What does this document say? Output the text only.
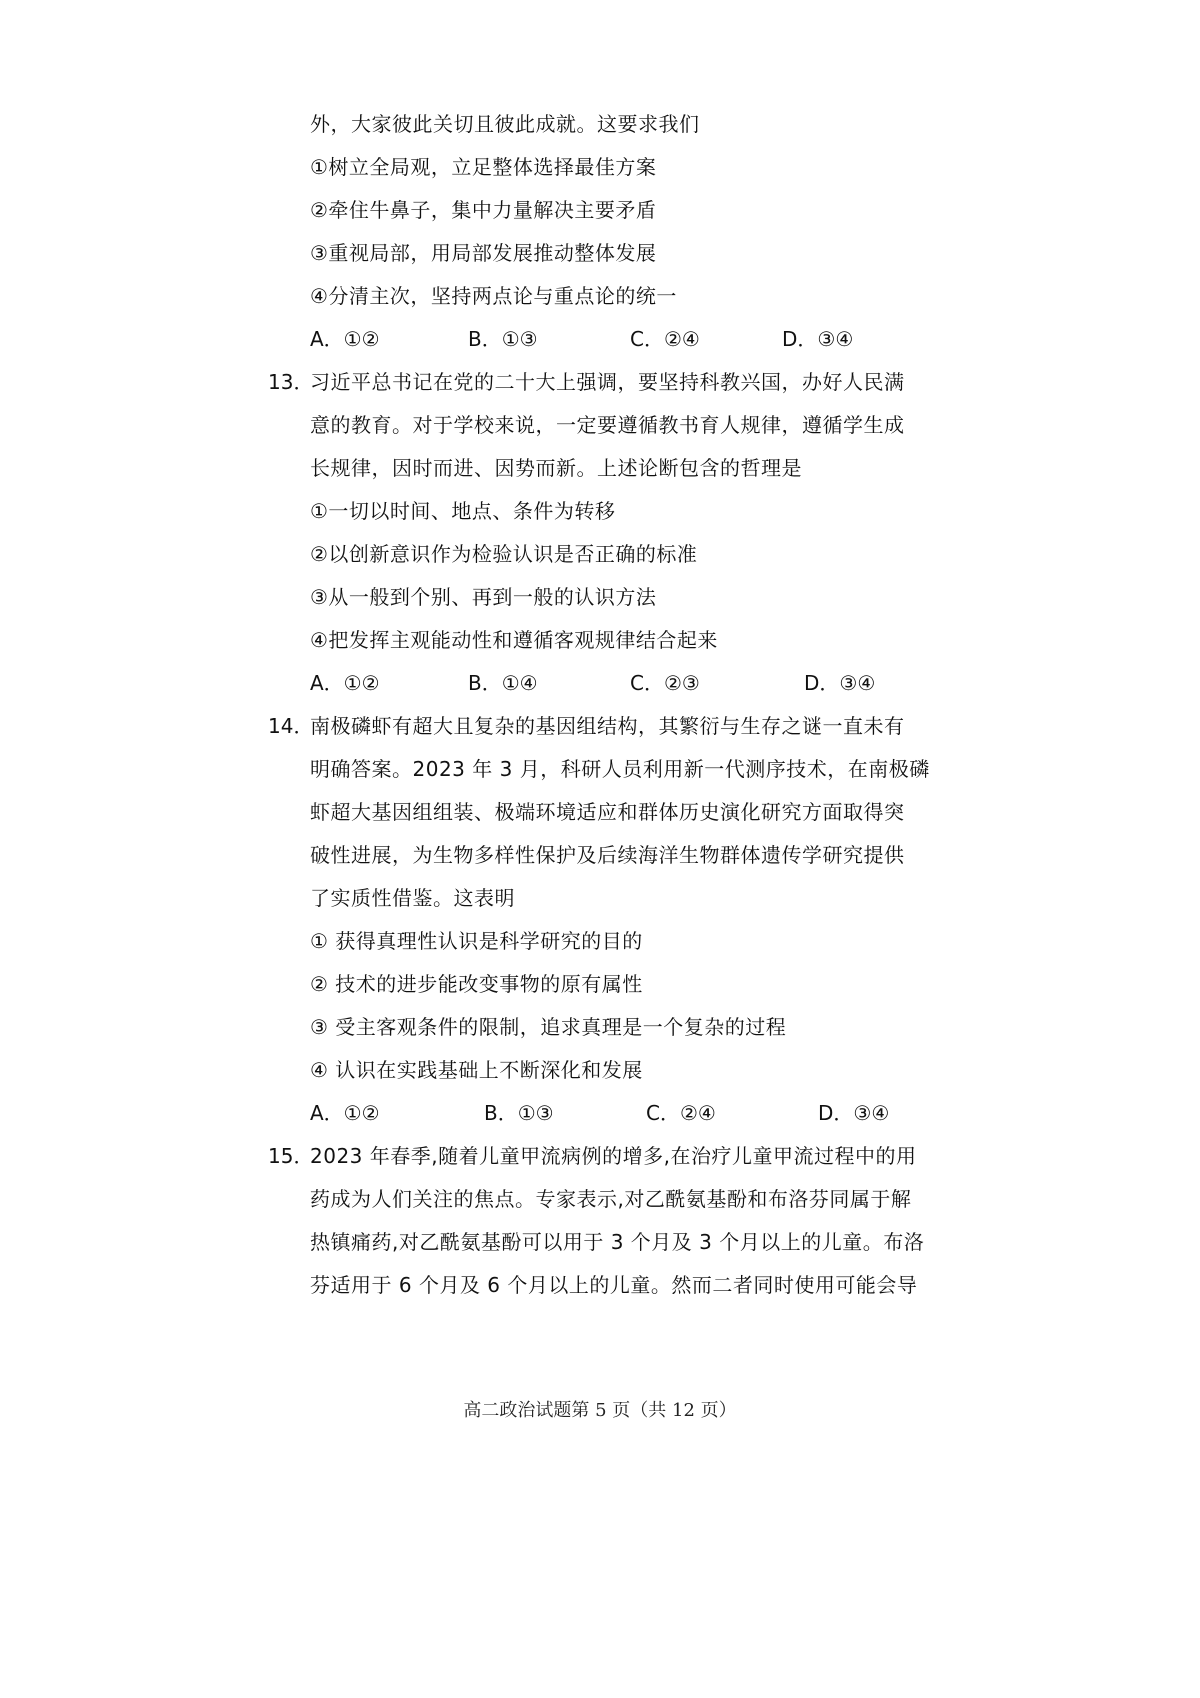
外，大家彼此关切且彼此成就。这要求我们
①树立全局观，立足整体选择最佳方案
②牵住牛鼻子，集中力量解决主要矛盾
③重视局部，用局部发展推动整体发展
④分清主次，坚持两点论与重点论的统一
A．①②	B．①③	C．②④	D．③④
13．
习近平总书记在党的二十大上强调，要坚持科教兴国，办好人民满
意的教育。对于学校来说，一定要遵循教书育人规律，遵循学生成
长规律，因时而进、因势而新。上述论断包含的哲理是
①一切以时间、地点、条件为转移
②以创新意识作为检验认识是否正确的标准
③从一般到个别、再到一般的认识方法
④把发挥主观能动性和遵循客观规律结合起来
A．①②	B．①④	C．②③	D．③④
14．
南极磷虾有超大且复杂的基因组结构，其繁衍与生存之谜一直未有
明确答案。2023 年 3 月，科研人员利用新一代测序技术，在南极磷
虾超大基因组组装、极端环境适应和群体历史演化研究方面取得突
破性进展，为生物多样性保护及后续海洋生物群体遗传学研究提供
了实质性借鉴。这表明
① 获得真理性认识是科学研究的目的
② 技术的进步能改变事物的原有属性
③ 受主客观条件的限制，追求真理是一个复杂的过程
④ 认识在实践基础上不断深化和发展
A．①②	B．①③	C．②④	D．③④
15．
2023 年春季,随着儿童甲流病例的增多,在治疗儿童甲流过程中的用
药成为人们关注的焦点。专家表示,对乙酰氨基酚和布洛芬同属于解
热镇痛药,对乙酰氨基酚可以用于 3 个月及 3 个月以上的儿童。布洛
芬适用于 6 个月及 6 个月以上的儿童。然而二者同时使用可能会导
高二政治试题第 5 页（共 12 页）
